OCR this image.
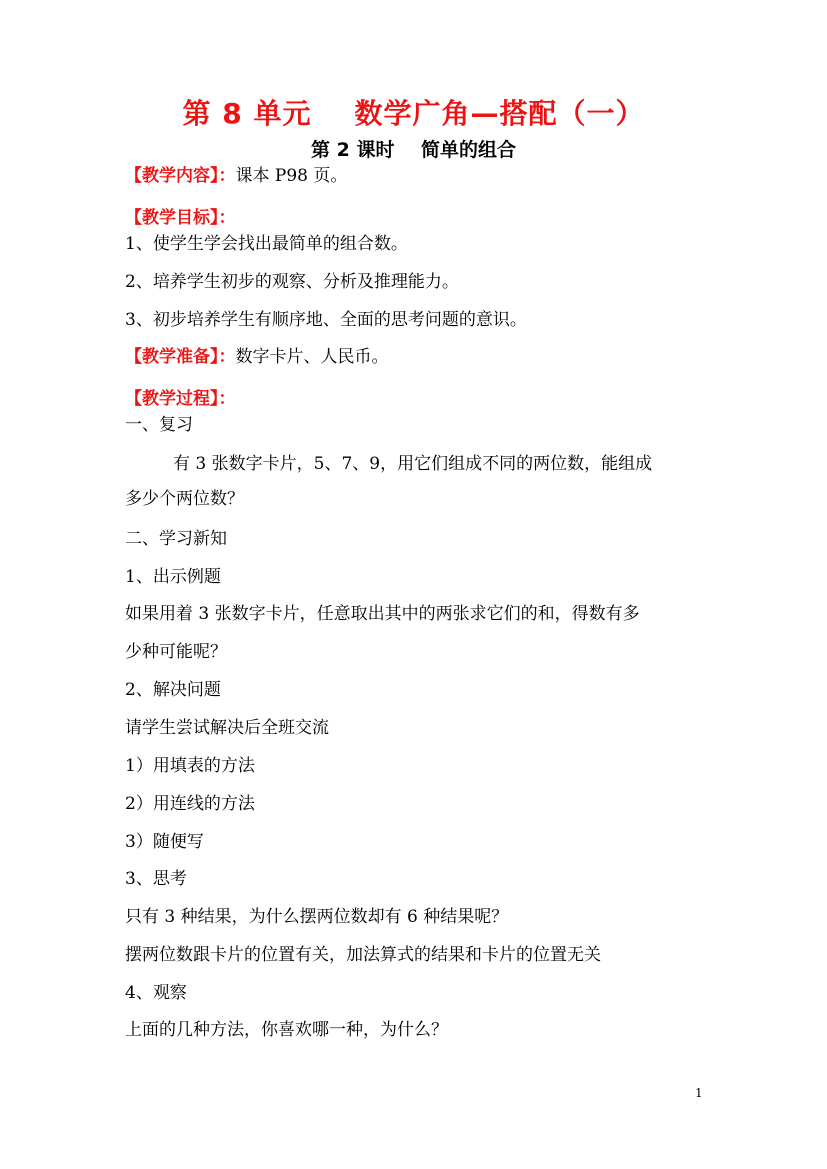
第 8 单元    数学广角—搭配（一）
第 2 课时    简单的组合
【教学内容】：课本 P98 页。
【教学目标】：
1、使学生学会找出最简单的组合数。
2、培养学生初步的观察、分析及推理能力。
3、初步培养学生有顺序地、全面的思考问题的意识。
【教学准备】：数字卡片、人民币。
【教学过程】：
一、复习
有 3 张数字卡片，5、7、9，用它们组成不同的两位数，能组成
多少个两位数？
二、学习新知
1、出示例题
如果用着 3 张数字卡片，任意取出其中的两张求它们的和，得数有多
少种可能呢？
2、解决问题
请学生尝试解决后全班交流
1）用填表的方法
2）用连线的方法
3）随便写
3、思考
只有 3 种结果，为什么摆两位数却有 6 种结果呢？
摆两位数跟卡片的位置有关，加法算式的结果和卡片的位置无关
4、观察
上面的几种方法，你喜欢哪一种，为什么？
1
